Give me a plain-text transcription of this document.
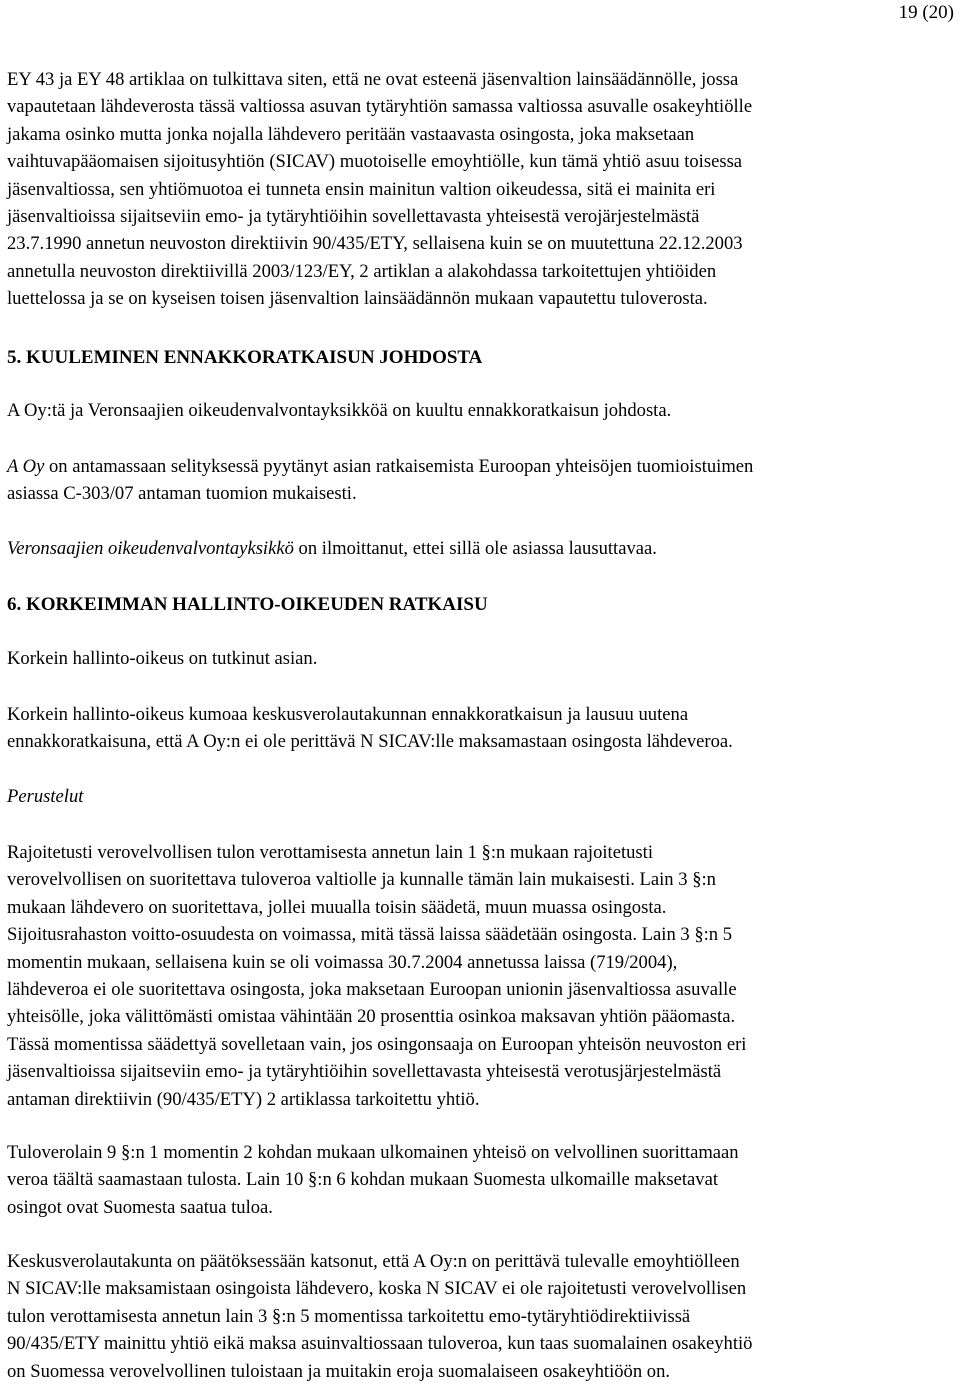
19 (20)
EY 43 ja EY 48 artiklaa on tulkittava siten, että ne ovat esteenä jäsenvaltion lainsäädännölle, jossa
vapautetaan lähdeverosta tässä valtiossa asuvan tytäryhtiön samassa valtiossa asuvalle osakeyhtiölle
jakama osinko mutta jonka nojalla lähdevero peritään vastaavasta osingosta, joka maksetaan
vaihtuvapääomaisen sijoitusyhtiön (SICAV) muotoiselle emoyhtiölle, kun tämä yhtiö asuu toisessa
jäsenvaltiossa, sen yhtiömuotoa ei tunneta ensin mainitun valtion oikeudessa, sitä ei mainita eri
jäsenvaltioissa sijaitseviin emo- ja tytäryhtiöihin sovellettavasta yhteisestä verojärjestelmästä
23.7.1990 annetun neuvoston direktiivin 90/435/ETY, sellaisena kuin se on muutettuna 22.12.2003
annetulla neuvoston direktiivillä 2003/123/EY, 2 artiklan a alakohdassa tarkoitettujen yhtiöiden
luettelossa ja se on kyseisen toisen jäsenvaltion lainsäädännön mukaan vapautettu tuloverosta.
5. KUULEMINEN ENNAKKORATKAISUN JOHDOSTA
A Oy:tä ja Veronsaajien oikeudenvalvontayksikköä on kuultu ennakkoratkaisun johdosta.
A Oy on antamassaan selityksessä pyytänyt asian ratkaisemista Euroopan yhteisöjen tuomioistuimen
asiassa C-303/07 antaman tuomion mukaisesti.
Veronsaajien oikeudenvalvontayksikkö on ilmoittanut, ettei sillä ole asiassa lausuttavaa.
6. KORKEIMMAN HALLINTO-OIKEUDEN RATKAISU
Korkein hallinto-oikeus on tutkinut asian.
Korkein hallinto-oikeus kumoaa keskusverolautakunnan ennakkoratkaisun ja lausuu uutena
ennakkoratkaisuna, että A Oy:n ei ole perittävä N SICAV:lle maksamastaan osingosta lähdeveroa.
Perustelut
Rajoitetusti verovelvollisen tulon verottamisesta annetun lain 1 §:n mukaan rajoitetusti
verovelvollisen on suoritettava tuloveroa valtiolle ja kunnalle tämän lain mukaisesti. Lain 3 §:n
mukaan lähdevero on suoritettava, jollei muualla toisin säädetä, muun muassa osingosta.
Sijoitusrahaston voitto-osuudesta on voimassa, mitä tässä laissa säädetään osingosta. Lain 3 §:n 5
momentin mukaan, sellaisena kuin se oli voimassa 30.7.2004 annetussa laissa (719/2004),
lähdeveroa ei ole suoritettava osingosta, joka maksetaan Euroopan unionin jäsenvaltiossa asuvalle
yhteisölle, joka välittömästi omistaa vähintään 20 prosenttia osinkoa maksavan yhtiön pääomasta.
Tässä momentissa säädettyä sovelletaan vain, jos osingonsaaja on Euroopan yhteisön neuvoston eri
jäsenvaltioissa sijaitseviin emo- ja tytäryhtiöihin sovellettavasta yhteisestä verotusjärjestelmästä
antaman direktiivin (90/435/ETY) 2 artiklassa tarkoitettu yhtiö.
Tuloverolain 9 §:n 1 momentin 2 kohdan mukaan ulkomainen yhteisö on velvollinen suorittamaan
veroa täältä saamastaan tulosta. Lain 10 §:n 6 kohdan mukaan Suomesta ulkomaille maksetavat
osingot ovat Suomesta saatua tuloa.
Keskusverolautakunta on päätöksessään katsonut, että A Oy:n on perittävä tulevalle emoyhtiölleen
N SICAV:lle maksamistaan osingoista lähdevero, koska N SICAV ei ole rajoitetusti verovelvollisen
tulon verottamisesta annetun lain 3 §:n 5 momentissa tarkoitettu emo-tytäryhtiödirektiivissä
90/435/ETY mainittu yhtiö eikä maksa asuinvaltiossaan tuloveroa, kun taas suomalainen osakeyhtiö
on Suomessa verovelvollinen tuloistaan ja muitakin eroja suomalaiseen osakeyhtiöön on.
